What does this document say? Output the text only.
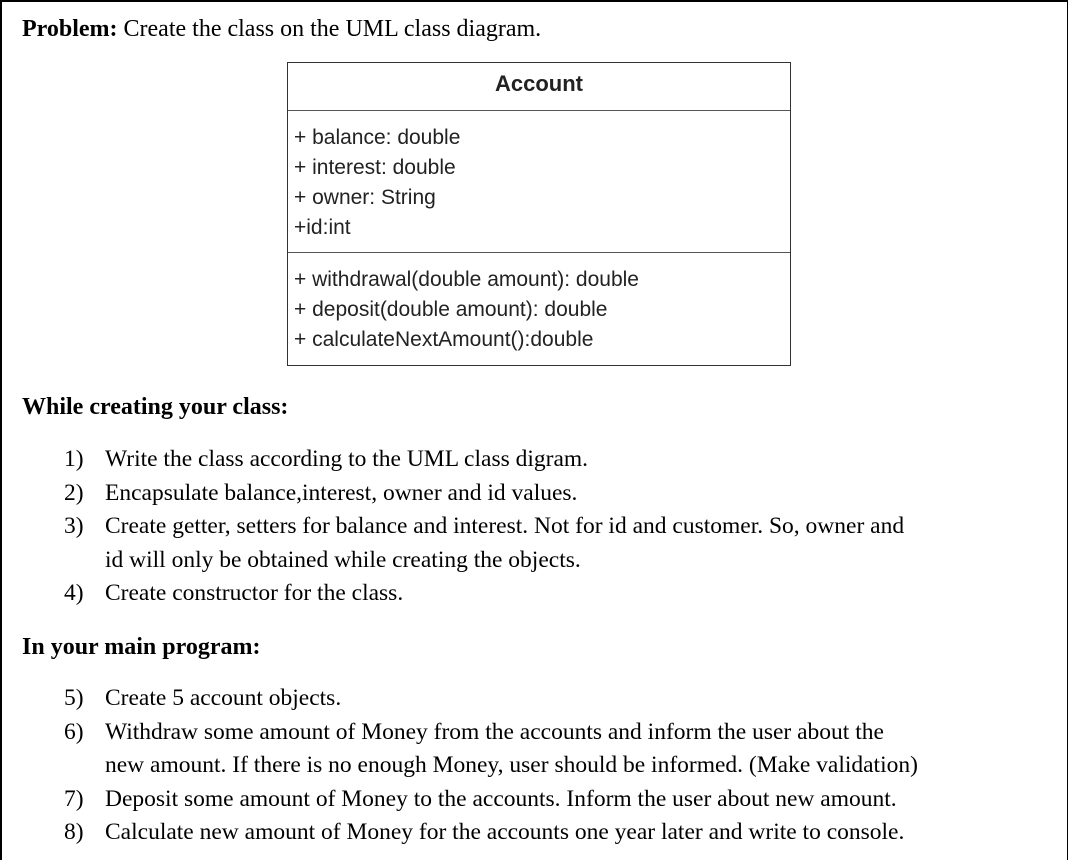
Problem: Create the class on the UML class diagram.
Account
+ balance: double
+ interest: double
+ owner: String
+id:int
+ withdrawal(double amount): double
+ deposit(double amount): double
+ calculateNextAmount():double
While creating your class:
1) Write the class according to the UML class digram.
2) Encapsulate balance,interest, owner and id values.
3) Create getter, setters for balance and interest. Not for id and customer. So, owner and
id will only be obtained while creating the objects.
4) Create constructor for the class.
In your main program:
5) Create 5 account objects.
6) Withdraw some amount of Money from the accounts and inform the user about the
new amount. If there is no enough Money, user should be informed. (Make validation)
7) Deposit some amount of Money to the accounts. Inform the user about new amount.
8) Calculate new amount of Money for the accounts one year later and write to console.
